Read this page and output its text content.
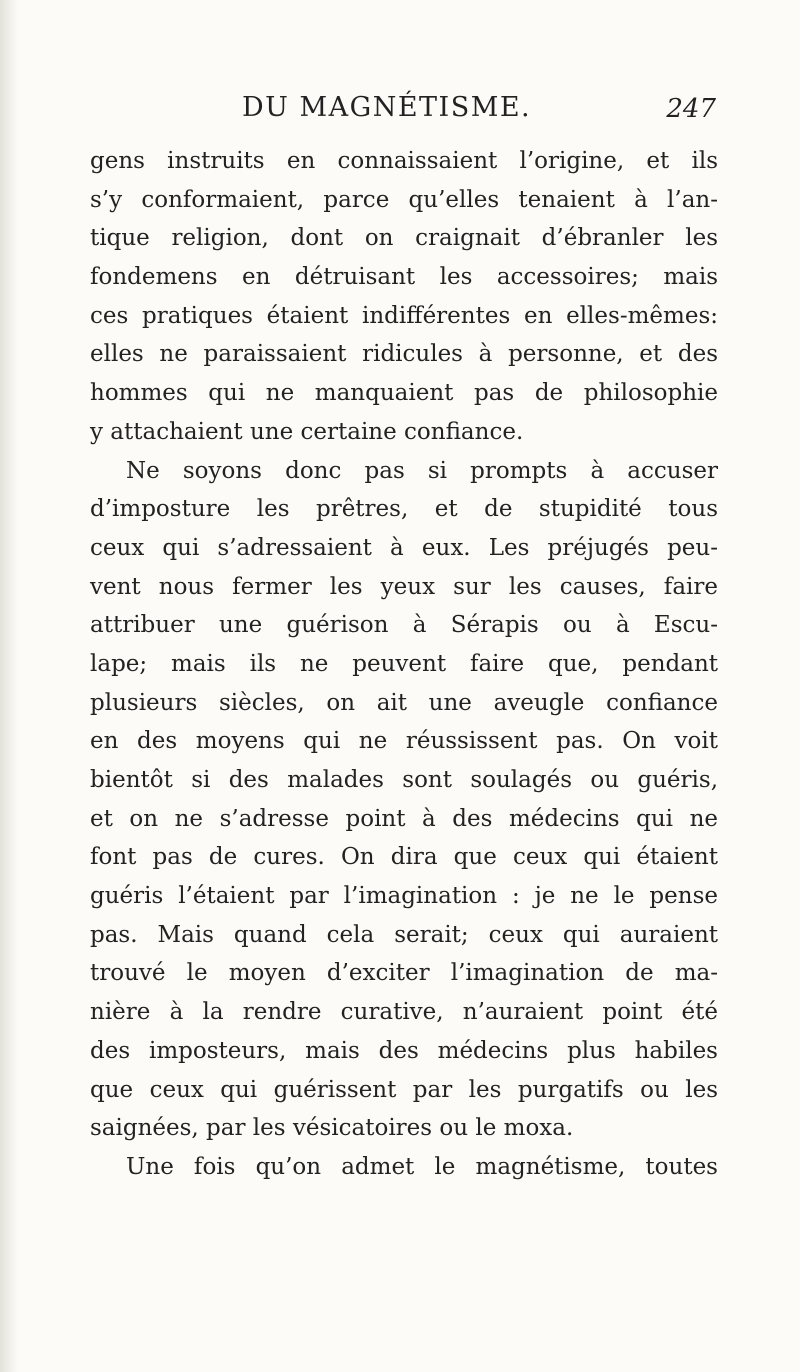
DU MAGNÉTISME.	247
gens instruits en connaissaient l’origine, et ils
s’y conformaient, parce qu’elles tenaient à l’an-
tique religion, dont on craignait d’ébranler les
fondemens en détruisant les accessoires; mais
ces pratiques étaient indifférentes en elles-mêmes:
elles ne paraissaient ridicules à personne, et des
hommes qui ne manquaient pas de philosophie
y attachaient une certaine confiance.
Ne soyons donc pas si prompts à accuser
d’imposture les prêtres, et de stupidité tous
ceux qui s’adressaient à eux. Les préjugés peu-
vent nous fermer les yeux sur les causes, faire
attribuer une guérison à Sérapis ou à Escu-
lape; mais ils ne peuvent faire que, pendant
plusieurs siècles, on ait une aveugle confiance
en des moyens qui ne réussissent pas. On voit
bientôt si des malades sont soulagés ou guéris,
et on ne s’adresse point à des médecins qui ne
font pas de cures. On dira que ceux qui étaient
guéris l’étaient par l’imagination : je ne le pense
pas. Mais quand cela serait; ceux qui auraient
trouvé le moyen d’exciter l’imagination de ma-
nière à la rendre curative, n’auraient point été
des imposteurs, mais des médecins plus habiles
que ceux qui guérissent par les purgatifs ou les
saignées, par les vésicatoires ou le moxa.
Une fois qu’on admet le magnétisme, toutes
